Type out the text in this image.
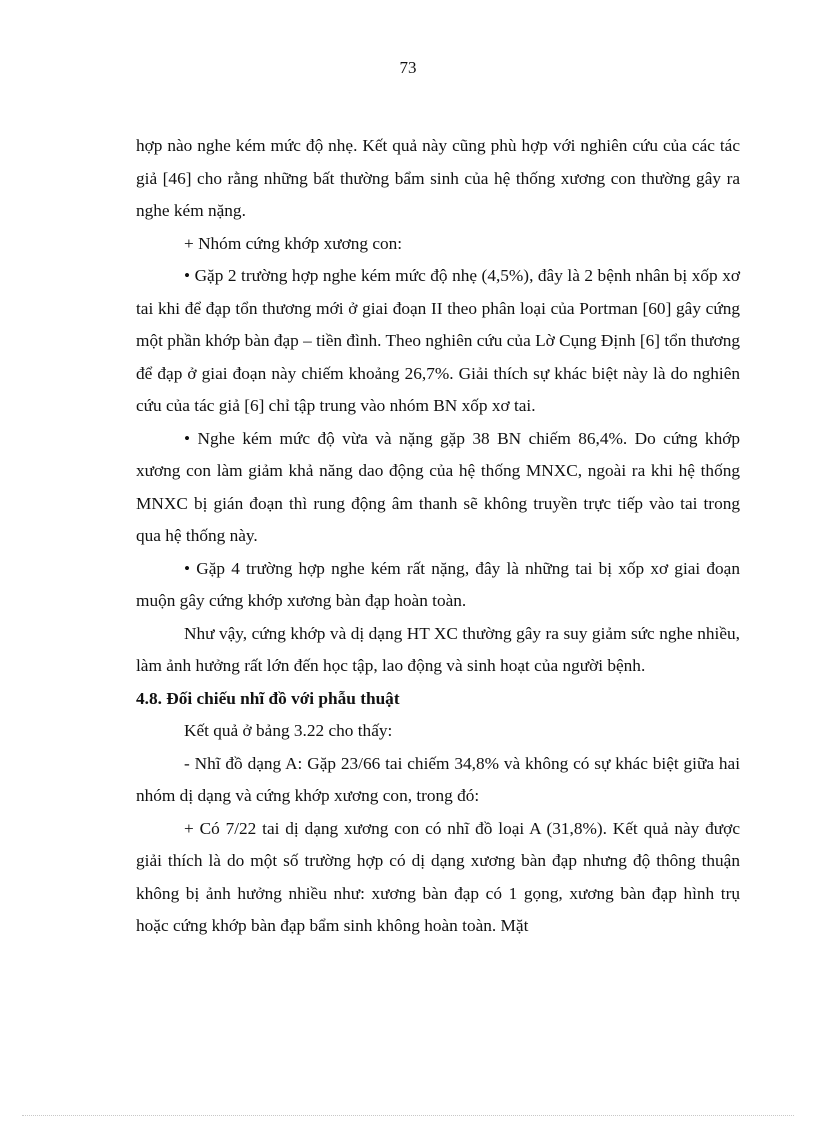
73

hợp nào nghe kém mức độ nhẹ. Kết quả này cũng phù hợp với nghiên cứu của các tác giả [46] cho rằng những bất thường bẩm sinh của hệ thống xương con thường gây ra nghe kém nặng.

+ Nhóm cứng khớp xương con:

• Gặp 2 trường hợp nghe kém mức độ nhẹ (4,5%), đây là 2 bệnh nhân bị xốp xơ tai khi để đạp tổn thương mới ở giai đoạn II theo phân loại của Portman [60] gây cứng một phần khớp bàn đạp – tiền đình. Theo nghiên cứu của Lờ Cụng Định [6] tổn thương để đạp ở giai đoạn này chiếm khoảng 26,7%. Giải thích sự khác biệt này là do nghiên cứu của tác giả [6] chỉ tập trung vào nhóm BN xốp xơ tai.

• Nghe kém mức độ vừa và nặng gặp 38 BN chiếm 86,4%. Do cứng khớp xương con làm giảm khả năng dao động của hệ thống MNXC, ngoài ra khi hệ thống MNXC bị gián đoạn thì rung động âm thanh sẽ không truyền trực tiếp vào tai trong qua hệ thống này.

• Gặp 4 trường hợp nghe kém rất nặng, đây là những tai bị xốp xơ giai đoạn muộn gây cứng khớp xương bàn đạp hoàn toàn.

Như vậy, cứng khớp và dị dạng HT XC thường gây ra suy giảm sức nghe nhiều, làm ảnh hưởng rất lớn đến học tập, lao động và sinh hoạt của người bệnh.

4.8. Đối chiếu nhĩ đồ với phẫu thuật

Kết quả ở bảng 3.22 cho thấy:

- Nhĩ đồ dạng A: Gặp 23/66 tai chiếm 34,8% và không có sự khác biệt giữa hai nhóm dị dạng và cứng khớp xương con, trong đó:

+ Có 7/22 tai dị dạng xương con có nhĩ đồ loại A (31,8%). Kết quả này được giải thích là do một số trường hợp có dị dạng xương bàn đạp nhưng độ thông thuận không bị ảnh hưởng nhiều như: xương bàn đạp có 1 gọng, xương bàn đạp hình trụ hoặc cứng khớp bàn đạp bẩm sinh không hoàn toàn. Mặt
